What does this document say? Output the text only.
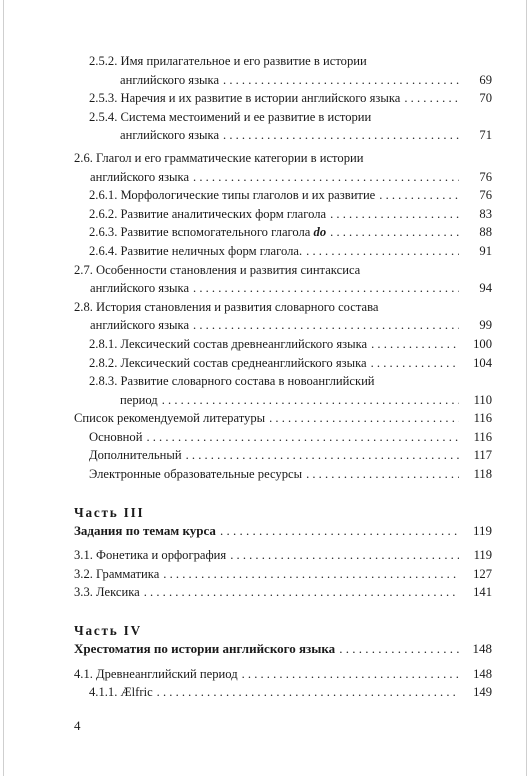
2.5.2. Имя прилагательное и его развитие в истории
английского языка . . .	69
2.5.3. Наречия и их развитие в истории английского языка . . .	70
2.5.4. Система местоимений и ее развитие в истории
английского языка . . .	71
2.6. Глагол и его грамматические категории в истории
английского языка . . .	76
2.6.1. Морфологические типы глаголов и их развитие . . .	76
2.6.2. Развитие аналитических форм глагола . . .	83
2.6.3. Развитие вспомогательного глагола do . . .	88
2.6.4. Развитие неличных форм глагола. . . .	91
2.7. Особенности становления и развития синтаксиса
английского языка . . .	94
2.8. История становления и развития словарного состава
английского языка . . .	99
2.8.1. Лексический состав древнеанглийского языка . . .	100
2.8.2. Лексический состав среднеанглийского языка . . .	104
2.8.3. Развитие словарного состава в новоанглийский
период . . .	110
Список рекомендуемой литературы . . .	116
Основной . . .	116
Дополнительный . . .	117
Электронные образовательные ресурсы . . .	118
Часть III
Задания по темам курса . . .	119
3.1. Фонетика и орфография . . .	119
3.2. Грамматика . . .	127
3.3. Лексика . . .	141
Часть IV
Хрестоматия по истории английского языка . . .	148
4.1. Древнеанглийский период . . .	148
4.1.1. Ælfric . . .	149
4
